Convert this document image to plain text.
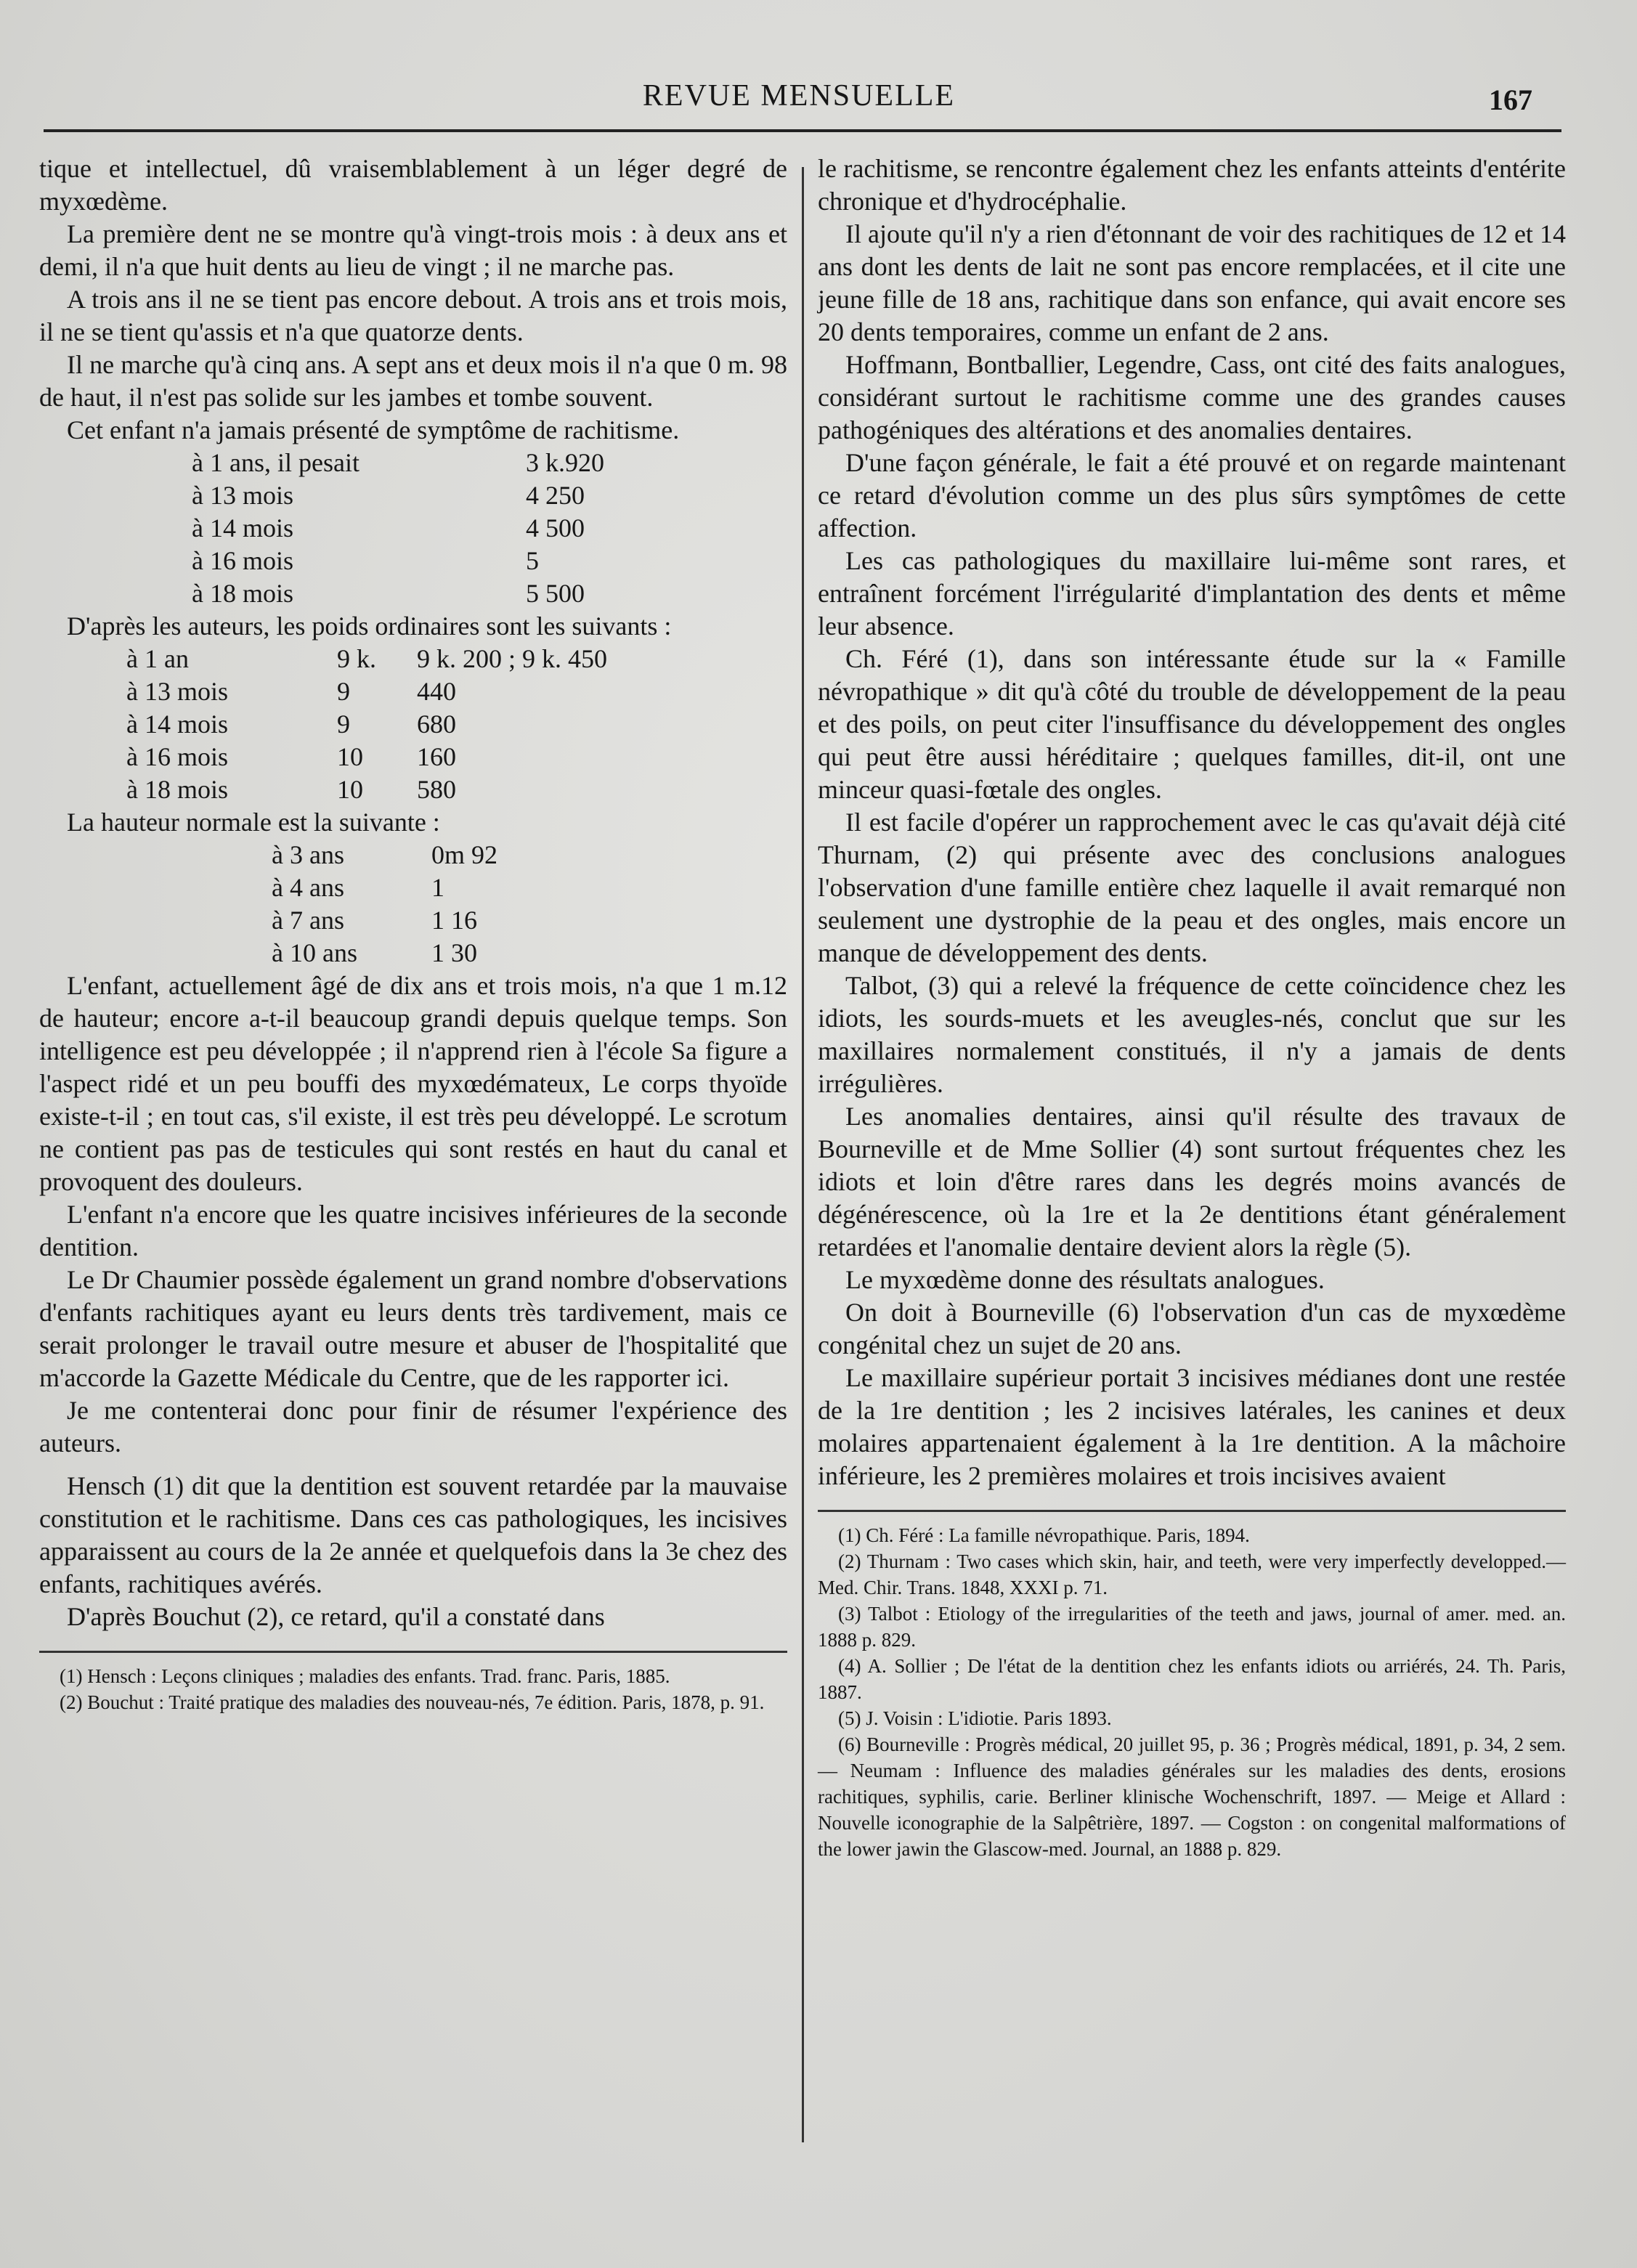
REVUE MENSUELLE	167

tique et intellectuel, dû vraisemblablement à un léger degré de myxœdème.

La première dent ne se montre qu'à vingt-trois mois : à deux ans et demi, il n'a que huit dents au lieu de vingt ; il ne marche pas.

A trois ans il ne se tient pas encore debout. A trois ans et trois mois, il ne se tient qu'assis et n'a que quatorze dents.

Il ne marche qu'à cinq ans. A sept ans et deux mois il n'a que 0 m. 98 de haut, il n'est pas solide sur les jambes et tombe souvent.

Cet enfant n'a jamais présenté de symptôme de rachitisme.

à 1 ans, il pesait	3 k.920
à 13 mois	4 250
à 14 mois	4 500
à 16 mois	5
à 18 mois	5 500

D'après les auteurs, les poids ordinaires sont les suivants :

à 1 an	9 k.	9 k. 200 ; 9 k. 450
à 13 mois	9	440
à 14 mois	9	680
à 16 mois	10	160
à 18 mois	10	580

La hauteur normale est la suivante :

à 3 ans	0m 92
à 4 ans	1
à 7 ans	1 16
à 10 ans	1 30

L'enfant, actuellement âgé de dix ans et trois mois, n'a que 1 m.12 de hauteur; encore a-t-il beaucoup grandi depuis quelque temps. Son intelligence est peu développée ; il n'apprend rien à l'école Sa figure a l'aspect ridé et un peu bouffi des myxœdémateux, Le corps thyoïde existe-t-il ; en tout cas, s'il existe, il est très peu développé. Le scrotum ne contient pas pas de testicules qui sont restés en haut du canal et provoquent des douleurs.

L'enfant n'a encore que les quatre incisives inférieures de la seconde dentition.

Le Dr Chaumier possède également un grand nombre d'observations d'enfants rachitiques ayant eu leurs dents très tardivement, mais ce serait prolonger le travail outre mesure et abuser de l'hospitalité que m'accorde la Gazette Médicale du Centre, que de les rapporter ici.

Je me contenterai donc pour finir de résumer l'expérience des auteurs.

Hensch (1) dit que la dentition est souvent retardée par la mauvaise constitution et le rachitisme. Dans ces cas pathologiques, les incisives apparaissent au cours de la 2e année et quelquefois dans la 3e chez des enfants, rachitiques avérés.

D'après Bouchut (2), ce retard, qu'il a constaté dans

(1) Hensch : Leçons cliniques ; maladies des enfants. Trad. franc. Paris, 1885.

(2) Bouchut : Traité pratique des maladies des nouveau-nés, 7e édition. Paris, 1878, p. 91.

le rachitisme, se rencontre également chez les enfants atteints d'entérite chronique et d'hydrocéphalie.

Il ajoute qu'il n'y a rien d'étonnant de voir des rachitiques de 12 et 14 ans dont les dents de lait ne sont pas encore remplacées, et il cite une jeune fille de 18 ans, rachitique dans son enfance, qui avait encore ses 20 dents temporaires, comme un enfant de 2 ans.

Hoffmann, Bontballier, Legendre, Cass, ont cité des faits analogues, considérant surtout le rachitisme comme une des grandes causes pathogéniques des altérations et des anomalies dentaires.

D'une façon générale, le fait a été prouvé et on regarde maintenant ce retard d'évolution comme un des plus sûrs symptômes de cette affection.

Les cas pathologiques du maxillaire lui-même sont rares, et entraînent forcément l'irrégularité d'implantation des dents et même leur absence.

Ch. Féré (1), dans son intéressante étude sur la « Famille névropathique » dit qu'à côté du trouble de développement de la peau et des poils, on peut citer l'insuffisance du développement des ongles qui peut être aussi héréditaire ; quelques familles, dit-il, ont une minceur quasi-fœtale des ongles.

Il est facile d'opérer un rapprochement avec le cas qu'avait déjà cité Thurnam, (2) qui présente avec des conclusions analogues l'observation d'une famille entière chez laquelle il avait remarqué non seulement une dystrophie de la peau et des ongles, mais encore un manque de développement des dents.

Talbot, (3) qui a relevé la fréquence de cette coïncidence chez les idiots, les sourds-muets et les aveugles-nés, conclut que sur les maxillaires normalement constitués, il n'y a jamais de dents irrégulières.

Les anomalies dentaires, ainsi qu'il résulte des travaux de Bourneville et de Mme Sollier (4) sont surtout fréquentes chez les idiots et loin d'être rares dans les degrés moins avancés de dégénérescence, où la 1re et la 2e dentitions étant généralement retardées et l'anomalie dentaire devient alors la règle (5).

Le myxœdème donne des résultats analogues.

On doit à Bourneville (6) l'observation d'un cas de myxœdème congénital chez un sujet de 20 ans.

Le maxillaire supérieur portait 3 incisives médianes dont une restée de la 1re dentition ; les 2 incisives latérales, les canines et deux molaires appartenaient également à la 1re dentition. A la mâchoire inférieure, les 2 premières molaires et trois incisives avaient

(1) Ch. Féré : La famille névropathique. Paris, 1894.

(2) Thurnam : Two cases which skin, hair, and teeth, were very imperfectly developped.— Med. Chir. Trans. 1848, XXXI p. 71.

(3) Talbot : Etiology of the irregularities of the teeth and jaws, journal of amer. med. an. 1888 p. 829.

(4) A. Sollier ; De l'état de la dentition chez les enfants idiots ou arriérés, 24. Th. Paris, 1887.

(5) J. Voisin : L'idiotie. Paris 1893.

(6) Bourneville : Progrès médical, 20 juillet 95, p. 36 ; Progrès médical, 1891, p. 34, 2 sem. — Neumam : Influence des maladies générales sur les maladies des dents, erosions rachitiques, syphilis, carie. Berliner klinische Wochenschrift, 1897. — Meige et Allard : Nouvelle iconographie de la Salpêtrière, 1897. — Cogston : on congenital malformations of the lower jawin the Glascow-med. Journal, an 1888 p. 829.
